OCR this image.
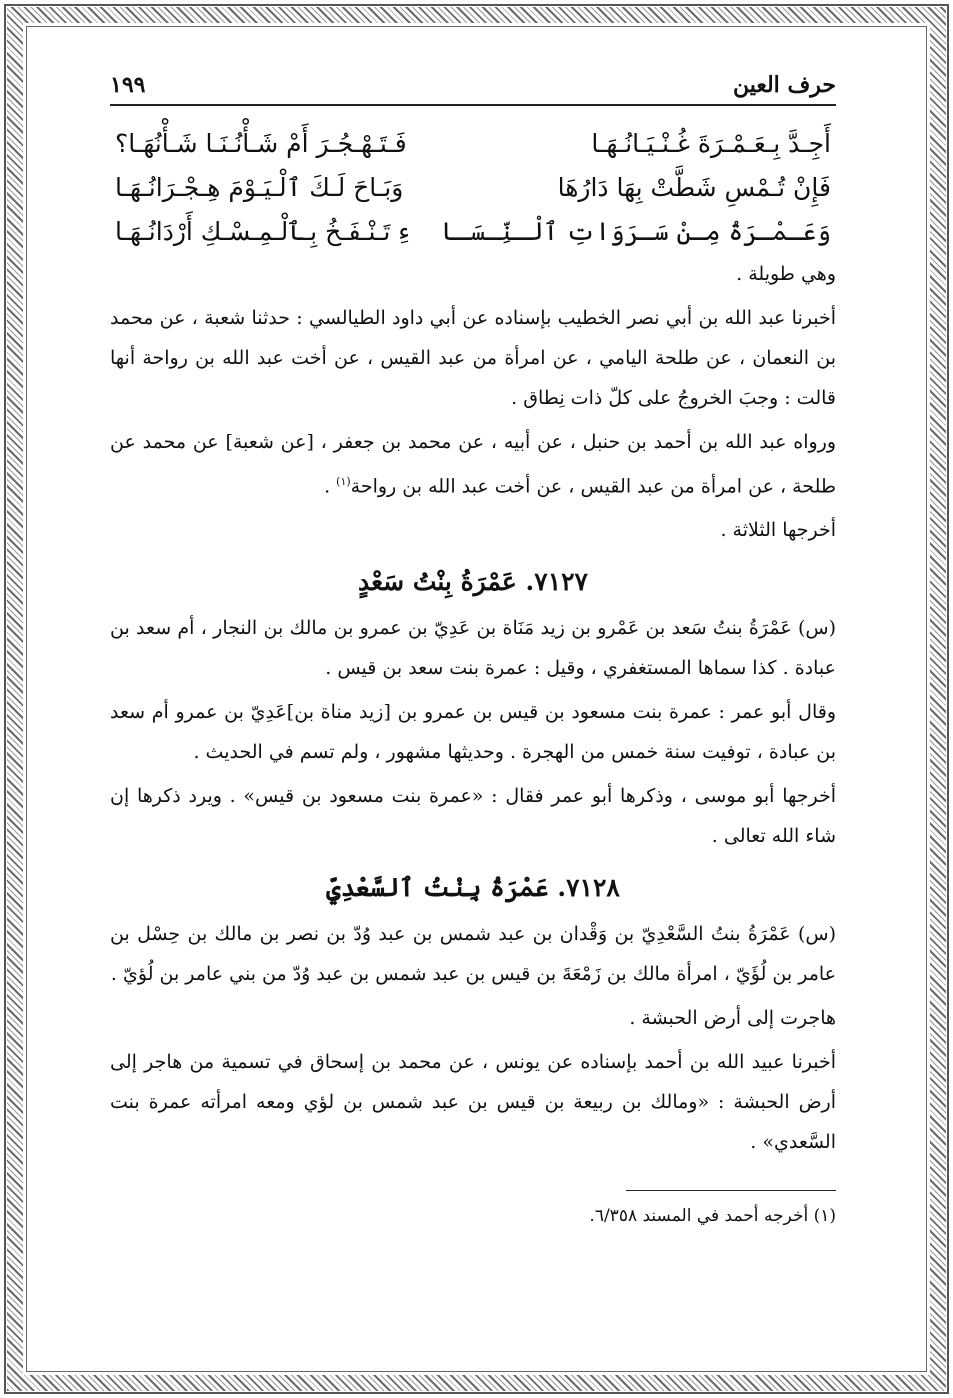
حرف العين
١٩٩
أَجِـدَّ بِـعَـمْـرَةَ غُـنْـيَـانُـهَـا
فَـتَـهْـجُـرَ أَمْ شَـأْنُـنَـا شَـأْنُهَـا؟
فَإِنْ تُـمْسِ شَطَّتْ بِهَا دَارُهَا
وَبَـاحَ لَـكَ ٱلْـيَـوْمَ هِـجْـرَانُـهَـا
وَعَـمْـرَةُ مِـنْ سَـرَوَاتِ ٱلْـنِّـسَـا
ءِ تَـنْـفَـخُ بِـٱلْـمِـسْـكِ أَرْدَانُـهَـا

وهي طويلة .

أخبرنا عبد الله بن أبي نصر الخطيب بإسناده عن أبي داود الطيالسي : حدثنا شعبة ، عن محمد بن النعمان ، عن طلحة اليامي ، عن امرأة من عبد القيس ، عن أخت عبد الله بن رواحة أنها قالت : وجبَ الخروجُ على كلّ ذات نِطاق .

ورواه عبد الله بن أحمد بن حنبل ، عن أبيه ، عن محمد بن جعفر ، [عن شعبة] عن محمد عن طلحة ، عن امرأة من عبد القيس ، عن أخت عبد الله بن رواحة$^{(١)}$ .

أخرجها الثلاثة .

٧١٢٧. عَمْرَةُ بِنْتُ سَعْدٍ

(س) عَمْرَةُ بنتُ سَعد بن عَمْرو بن زيد مَنَاة بن عَدِيّ بن عمرو بن مالك بن النجار ، أم سعد بن عبادة . كذا سماها المستغفري ، وقيل : عمرة بنت سعد بن قيس .

وقال أبو عمر : عمرة بنت مسعود بن قيس بن عمرو بن [زيد مناة بن]عَدِيّ بن عمرو أم سعد بن عبادة ، توفيت سنة خمس من الهجرة . وحديثها مشهور ، ولم تسم في الحديث .

أخرجها أبو موسى ، وذكرها أبو عمر فقال : «عمرة بنت مسعود بن قيس» . ويرد ذكرها إن شاء الله تعالى .

٧١٢٨. عَمْرَةُ بِنْتُ ٱلسَّعْدِيِّ

(س) عَمْرَةُ بنتُ السَّعْدِيّ بن وَقْدان بن عبد شمس بن عبد وُدّ بن نصر بن مالك بن حِسْل بن عامر بن لُؤَيّ ، امرأة مالك بن زَمْعَةَ بن قيس بن عبد شمس بن عبد وُدّ من بني عامر بن لُؤيّ .

هاجرت إلى أرض الحبشة .

أخبرنا عبيد الله بن أحمد بإسناده عن يونس ، عن محمد بن إسحاق في تسمية من هاجر إلى أرض الحبشة : «ومالك بن ربيعة بن قيس بن عبد شمس بن لؤي ومعه امرأته عمرة بنت السَّعدي» .

(١) أخرجه أحمد في المسند ٦/٣٥٨.
